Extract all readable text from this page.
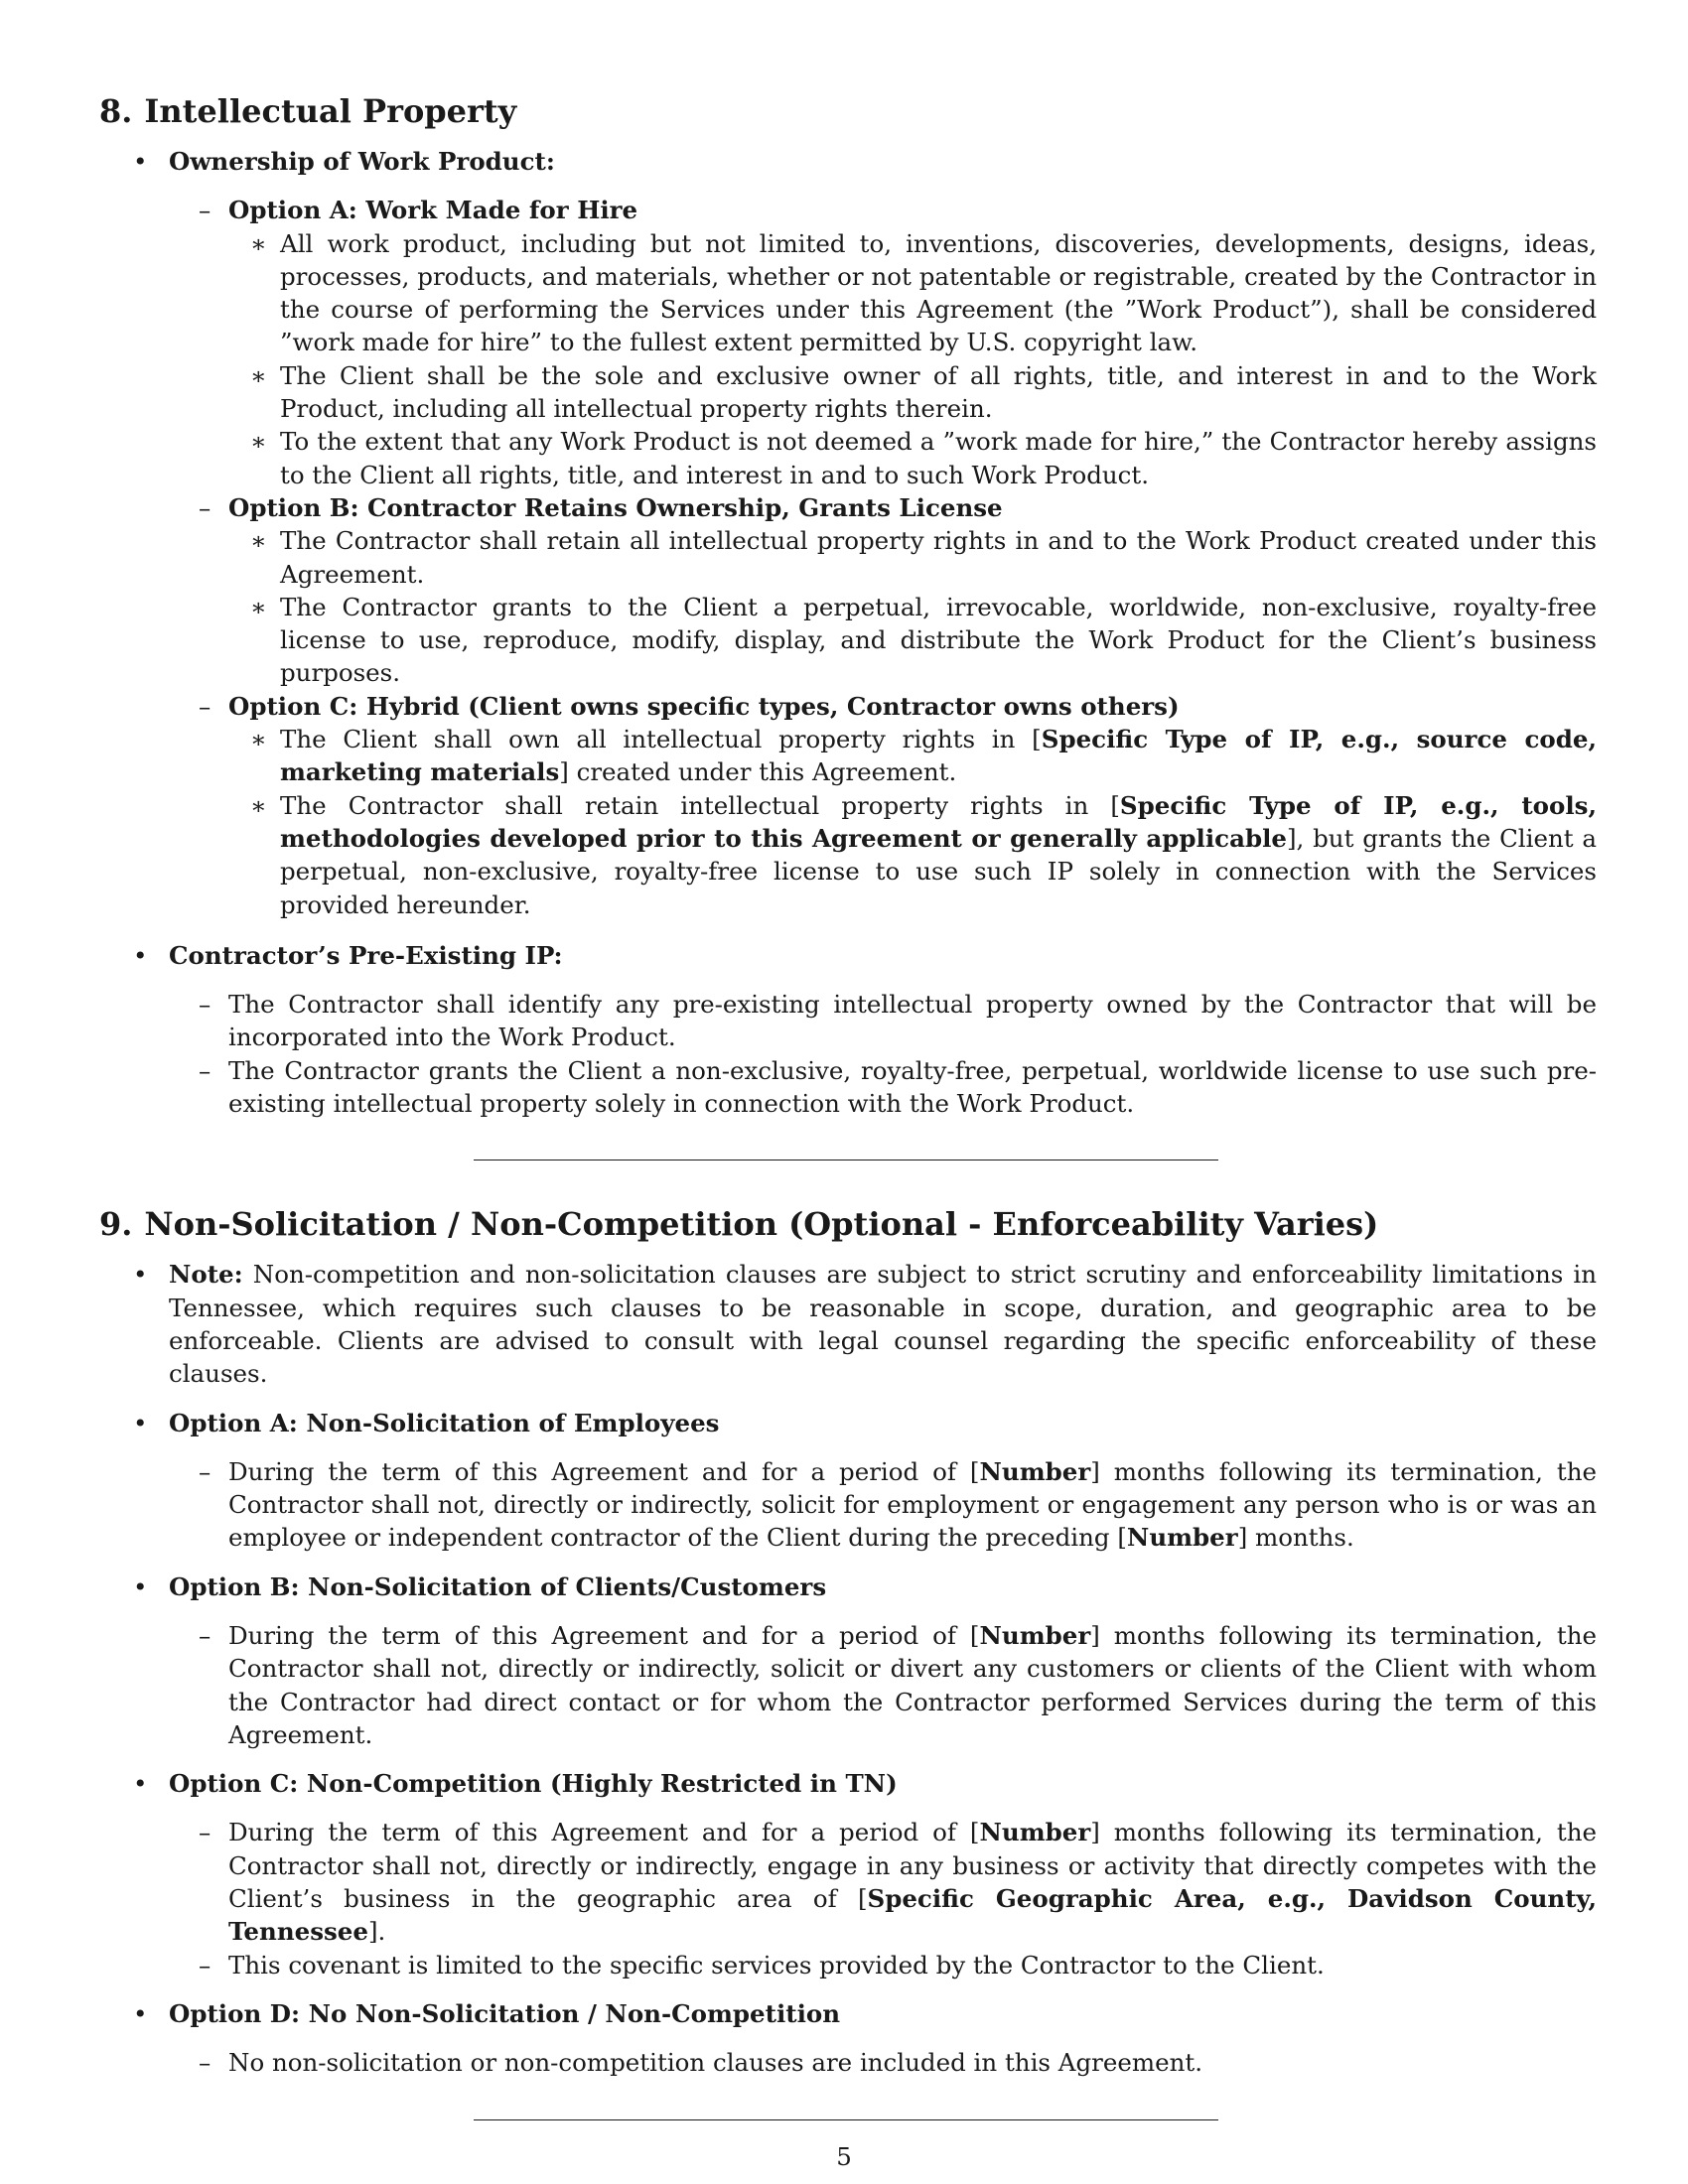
8. Intellectual Property
• Ownership of Work Product:
– Option A: Work Made for Hire
∗ All work product, including but not limited to, inventions, discoveries, developments, designs, ideas, processes, products, and materials, whether or not patentable or registrable, created by the Contractor in the course of performing the Services under this Agreement (the ”Work Product”), shall be considered ”work made for hire” to the fullest extent permitted by U.S. copyright law.
∗ The Client shall be the sole and exclusive owner of all rights, title, and interest in and to the Work Product, including all intellectual property rights therein.
∗ To the extent that any Work Product is not deemed a ”work made for hire,” the Contractor hereby assigns to the Client all rights, title, and interest in and to such Work Product.
– Option B: Contractor Retains Ownership, Grants License
∗ The Contractor shall retain all intellectual property rights in and to the Work Product created under this Agreement.
∗ The Contractor grants to the Client a perpetual, irrevocable, worldwide, non-exclusive, royalty-free license to use, reproduce, modify, display, and distribute the Work Product for the Client’s business purposes.
– Option C: Hybrid (Client owns specific types, Contractor owns others)
∗ The Client shall own all intellectual property rights in [Specific Type of IP, e.g., source code, marketing materials] created under this Agreement.
∗ The Contractor shall retain intellectual property rights in [Specific Type of IP, e.g., tools, methodologies developed prior to this Agreement or generally applicable], but grants the Client a perpetual, non-exclusive, royalty-free license to use such IP solely in connection with the Services provided hereunder.
• Contractor’s Pre-Existing IP:
– The Contractor shall identify any pre-existing intellectual property owned by the Contractor that will be incorporated into the Work Product.
– The Contractor grants the Client a non-exclusive, royalty-free, perpetual, worldwide license to use such pre-existing intellectual property solely in connection with the Work Product.
9. Non-Solicitation / Non-Competition (Optional - Enforceability Varies)
• Note: Non-competition and non-solicitation clauses are subject to strict scrutiny and enforceability limitations in Tennessee, which requires such clauses to be reasonable in scope, duration, and geographic area to be enforceable. Clients are advised to consult with legal counsel regarding the specific enforceability of these clauses.
• Option A: Non-Solicitation of Employees
– During the term of this Agreement and for a period of [Number] months following its termination, the Contractor shall not, directly or indirectly, solicit for employment or engagement any person who is or was an employee or independent contractor of the Client during the preceding [Number] months.
• Option B: Non-Solicitation of Clients/Customers
– During the term of this Agreement and for a period of [Number] months following its termination, the Contractor shall not, directly or indirectly, solicit or divert any customers or clients of the Client with whom the Contractor had direct contact or for whom the Contractor performed Services during the term of this Agreement.
• Option C: Non-Competition (Highly Restricted in TN)
– During the term of this Agreement and for a period of [Number] months following its termination, the Contractor shall not, directly or indirectly, engage in any business or activity that directly competes with the Client’s business in the geographic area of [Specific Geographic Area, e.g., Davidson County, Tennessee].
– This covenant is limited to the specific services provided by the Contractor to the Client.
• Option D: No Non-Solicitation / Non-Competition
– No non-solicitation or non-competition clauses are included in this Agreement.
5
